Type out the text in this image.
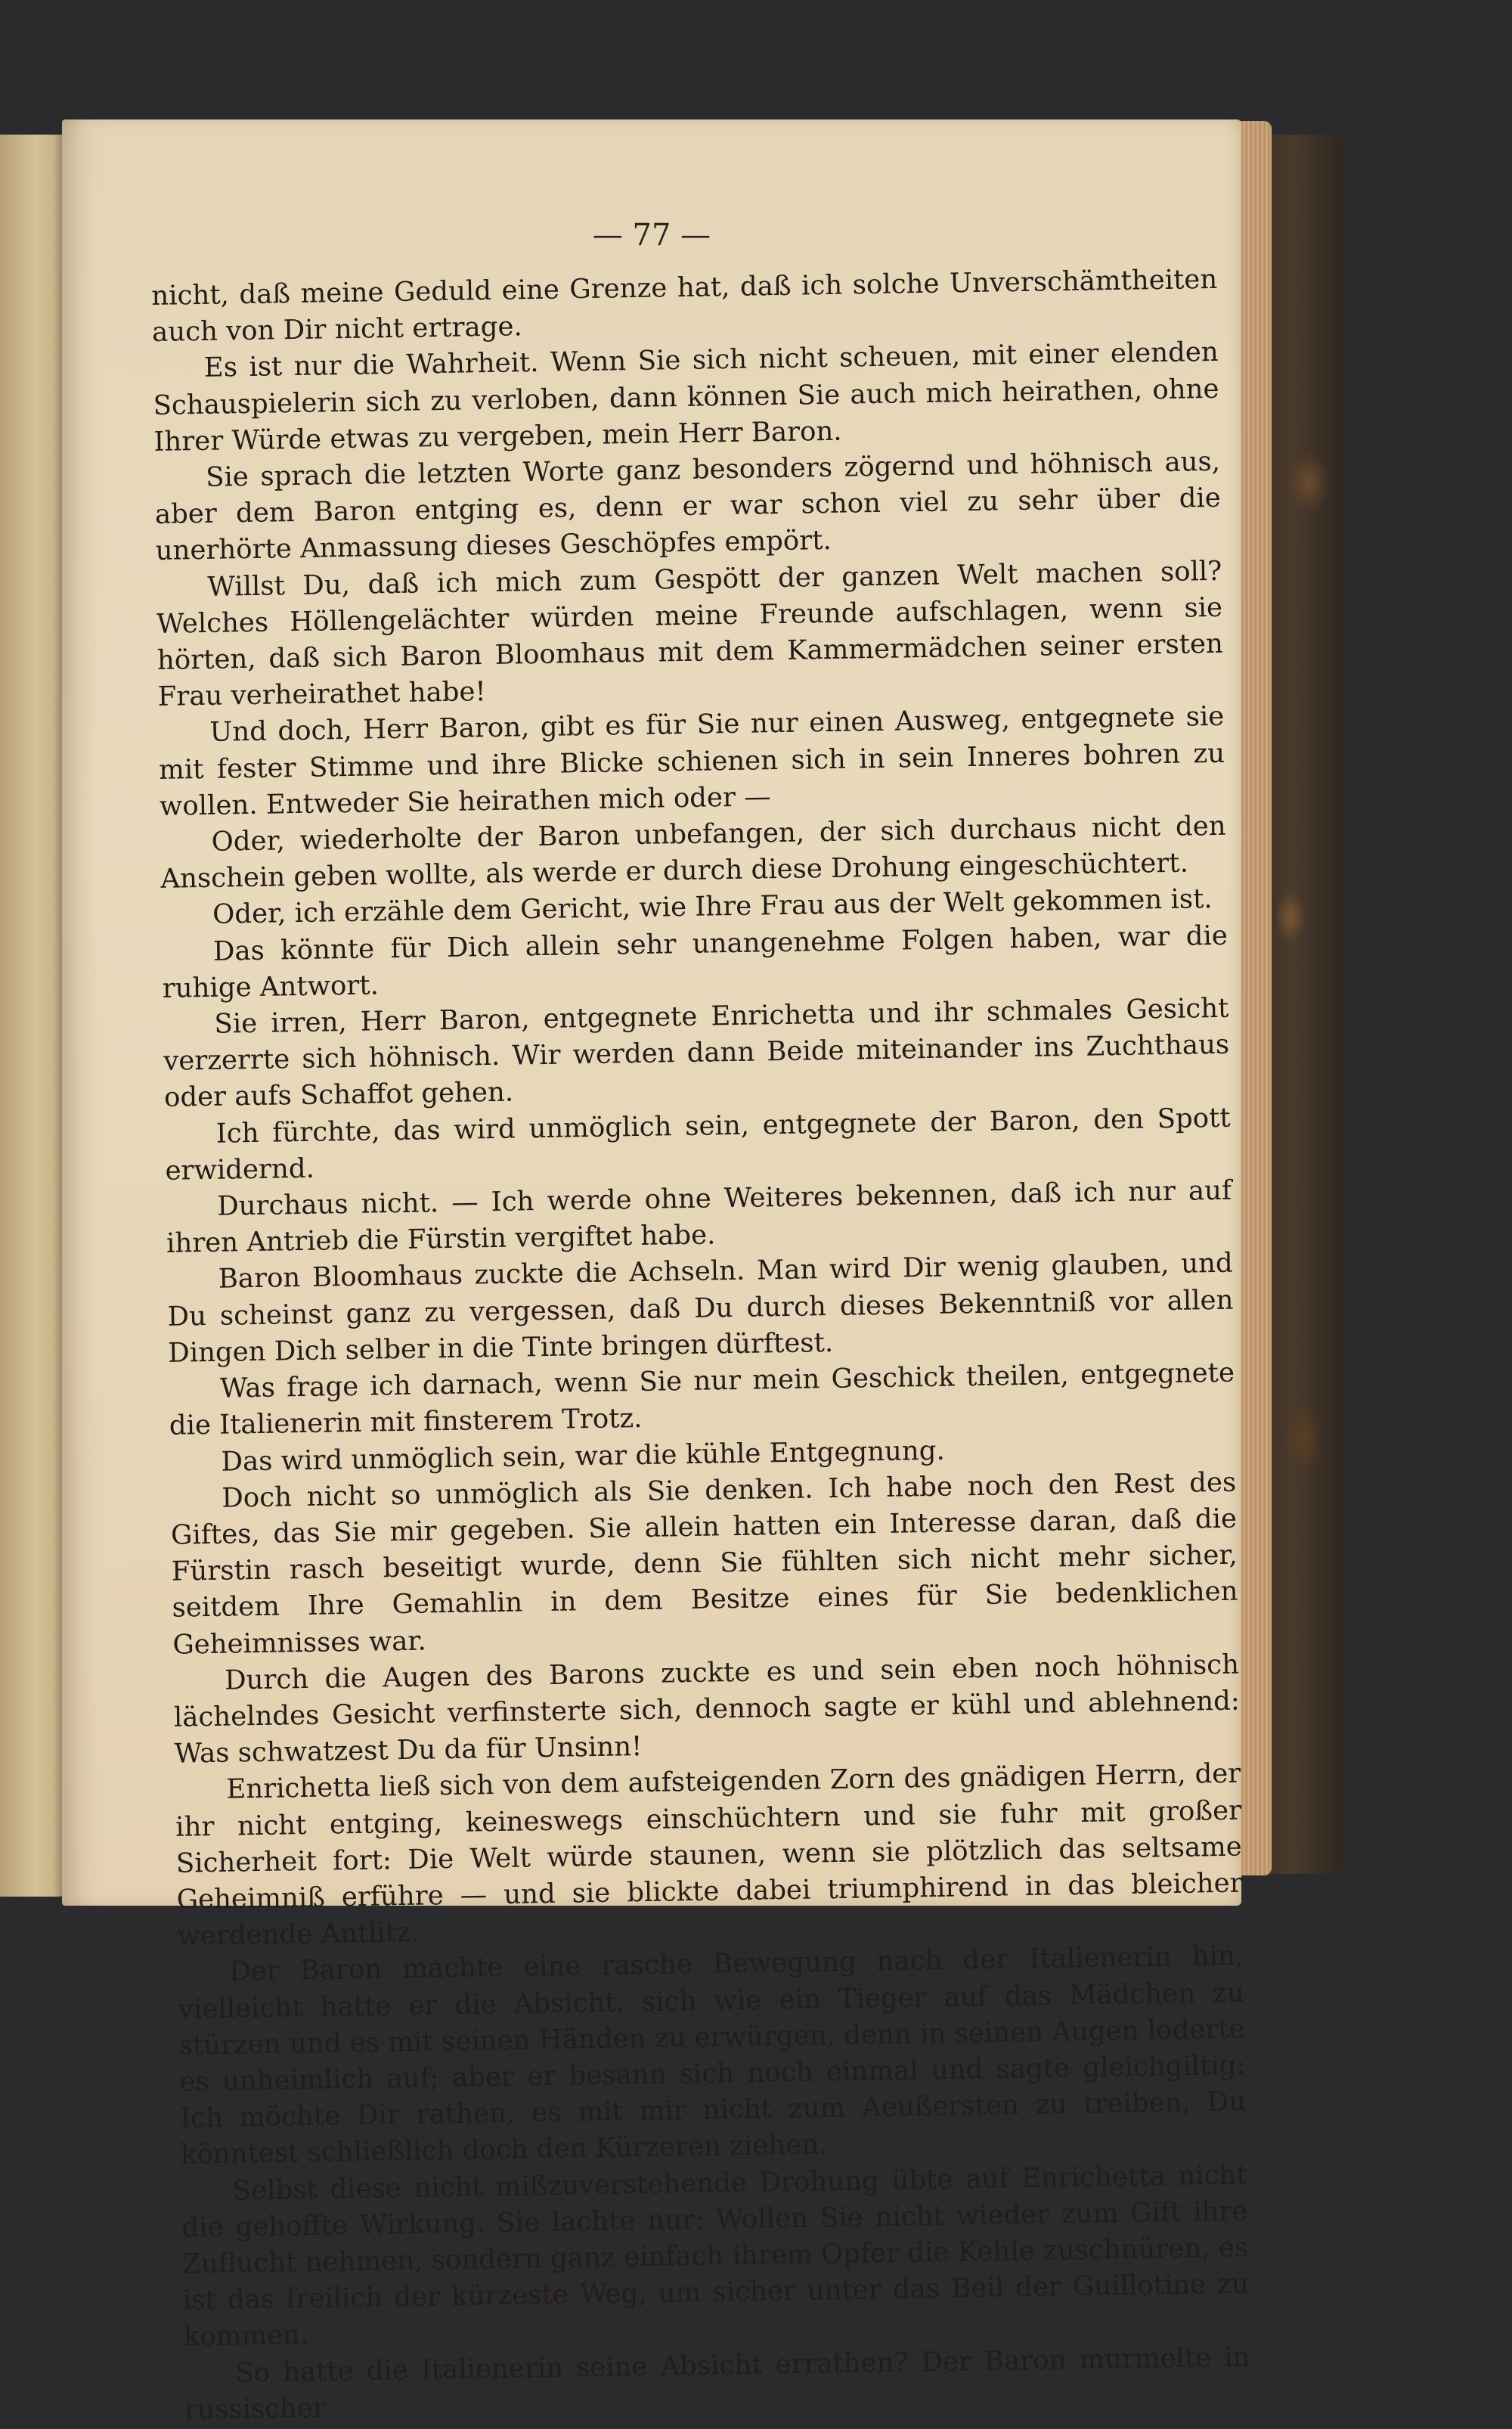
— 77 —

nicht, daß meine Geduld eine Grenze hat, daß ich solche Unverschämtheiten auch von Dir nicht ertrage.

Es ist nur die Wahrheit. Wenn Sie sich nicht scheuen, mit einer elenden Schauspielerin sich zu verloben, dann können Sie auch mich heirathen, ohne Ihrer Würde etwas zu vergeben, mein Herr Baron.

Sie sprach die letzten Worte ganz besonders zögernd und höhnisch aus, aber dem Baron entging es, denn er war schon viel zu sehr über die unerhörte Anmassung dieses Geschöpfes empört.

Willst Du, daß ich mich zum Gespött der ganzen Welt machen soll? Welches Höllengelächter würden meine Freunde aufschlagen, wenn sie hörten, daß sich Baron Bloomhaus mit dem Kammermädchen seiner ersten Frau verheirathet habe!

Und doch, Herr Baron, gibt es für Sie nur einen Ausweg, entgegnete sie mit fester Stimme und ihre Blicke schienen sich in sein Inneres bohren zu wollen. Entweder Sie heirathen mich oder —

Oder, wiederholte der Baron unbefangen, der sich durchaus nicht den Anschein geben wollte, als werde er durch diese Drohung eingeschüchtert.

Oder, ich erzähle dem Gericht, wie Ihre Frau aus der Welt gekommen ist.

Das könnte für Dich allein sehr unangenehme Folgen haben, war die ruhige Antwort.

Sie irren, Herr Baron, entgegnete Enrichetta und ihr schmales Gesicht verzerrte sich höhnisch. Wir werden dann Beide miteinander ins Zuchthaus oder aufs Schaffot gehen.

Ich fürchte, das wird unmöglich sein, entgegnete der Baron, den Spott erwidernd.

Durchaus nicht. — Ich werde ohne Weiteres bekennen, daß ich nur auf ihren Antrieb die Fürstin vergiftet habe.

Baron Bloomhaus zuckte die Achseln. Man wird Dir wenig glauben, und Du scheinst ganz zu vergessen, daß Du durch dieses Bekenntniß vor allen Dingen Dich selber in die Tinte bringen dürftest.

Was frage ich darnach, wenn Sie nur mein Geschick theilen, entgegnete die Italienerin mit finsterem Trotz.

Das wird unmöglich sein, war die kühle Entgegnung.

Doch nicht so unmöglich als Sie denken. Ich habe noch den Rest des Giftes, das Sie mir gegeben. Sie allein hatten ein Interesse daran, daß die Fürstin rasch beseitigt wurde, denn Sie fühlten sich nicht mehr sicher, seitdem Ihre Gemahlin in dem Besitze eines für Sie bedenklichen Geheimnisses war.

Durch die Augen des Barons zuckte es und sein eben noch höhnisch lächelndes Gesicht verfinsterte sich, dennoch sagte er kühl und ablehnend: Was schwatzest Du da für Unsinn!

Enrichetta ließ sich von dem aufsteigenden Zorn des gnädigen Herrn, der ihr nicht entging, keineswegs einschüchtern und sie fuhr mit großer Sicherheit fort: Die Welt würde staunen, wenn sie plötzlich das seltsame Geheimniß erführe — und sie blickte dabei triumphirend in das bleicher werdende Antlitz.

Der Baron machte eine rasche Bewegung nach der Italienerin hin, vielleicht hatte er die Absicht, sich wie ein Tieger auf das Mädchen zu stürzen und es mit seinen Händen zu erwürgen, denn in seinen Augen loderte es unheimlich auf; aber er besann sich noch einmal und sagte gleichgiltig: Ich möchte Dir rathen, es mit mir nicht zum Aeußersten zu treiben, Du könntest schließlich doch den Kürzeren ziehen.

Selbst diese nicht mißzuverstehende Drohung übte auf Enrichetta nicht die gehoffte Wirkung. Sie lachte nur: Wollen Sie nicht wieder zum Gift ihre Zuflucht nehmen, sondern ganz einfach ihrem Opfer die Kehle zuschnüren, es ist das freilich der kürzeste Weg, um sicher unter das Beil der Guillotine zu kommen.

So hatte die Italienerin seine Absicht errathen? Der Baron murmelte in russischer
